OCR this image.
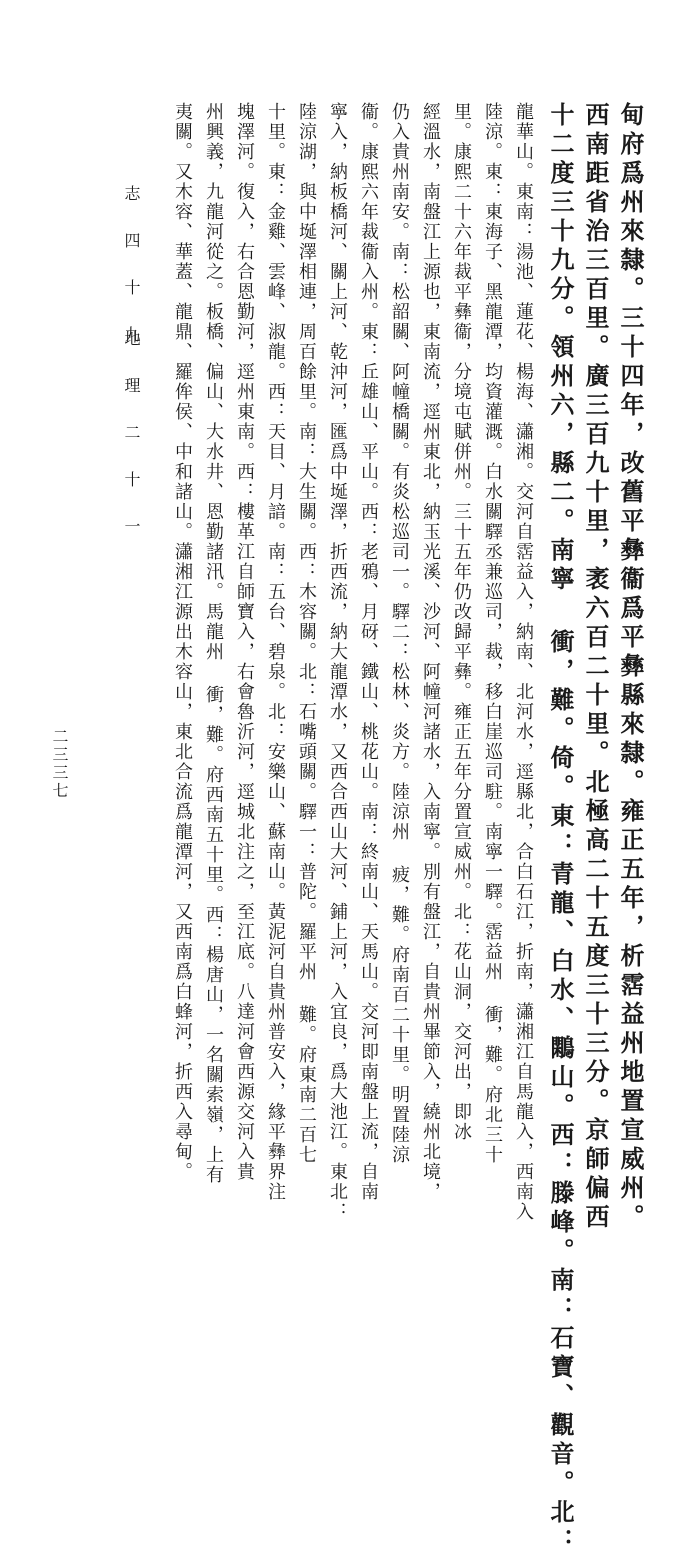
甸府爲州來隸。三十四年，改舊平彝衞爲平彝縣來隸。雍正五年，析霑益州地置宣威州。
西南距省治三百里。廣三百九十里，袤六百二十里。北極高二十五度三十三分。京師偏西
十二度三十九分。領州六，縣二。南寧 衝，難。倚。東：青龍、白水、鷴山。西：滕峰。南：石寶、觀音。北：
龍華山。東南：湯池、蓮花、楊海、瀟湘。交河自霑益入，納南、北河水，逕縣北，合白石江，折南，瀟湘江自馬龍入，西南入
陸涼。東：東海子、黑龍潭，均資灌溉。白水關驛丞兼巡司，裁，移白崖巡司駐。南寧一驛。霑益州 衝，難。府北三十
里。康熙二十六年裁平彝衞，分境屯賦併州。三十五年仍改歸平彝。雍正五年分置宣威州。北：花山洞，交河出，即冰
經溫水，南盤江上源也，東南流，逕州東北，納玉光溪、沙河、阿幢河諸水，入南寧。別有盤江，自貴州畢節入，繞州北境，
仍入貴州南安。南：松韶關、阿幢橋關。有炎松巡司一。驛二：松林、炎方。陸涼州 疲，難。府南百二十里。明置陸涼
衞。康熙六年裁衞入州。東：丘雄山、平山。西：老鴉、月砑、鐵山、桃花山。南：終南山、天馬山。交河即南盤上流，自南
寧入，納板橋河、關上河、乾沖河，匯爲中埏澤，折西流，納大龍潭水，又西合西山大河、鋪上河，入宜良，爲大池江。東北：
陸涼湖，與中埏澤相連，周百餘里。南：大生關。西：木容關。北：石嘴頭關。驛一：普陀。羅平州 難。府東南二百七
十里。東：金雞、雲峰、淑龍。西：天目、月諳。南：五台、碧泉。北：安樂山、蘇南山。黃泥河自貴州普安入，緣平彝界注
塊澤河。復入，右合恩勤河，逕州東南。西：樓革江自師寶入，右會魯沂河，逕城北注之，至江底。八達河會西源交河入貴
州興義，九龍河從之。板橋、偏山、大水井、恩勤諸汛。馬龍州 衝，難。府西南五十里。西：楊唐山，一名關索嶺，上有
夷關。又木容、華蓋、龍鼎、羅侔侯、中和諸山。瀟湘江源出木容山，東北合流爲龍潭河，又西南爲白蜂河，折西入尋甸。
志 四 十 九
地 理 二 十 一
二三三七
